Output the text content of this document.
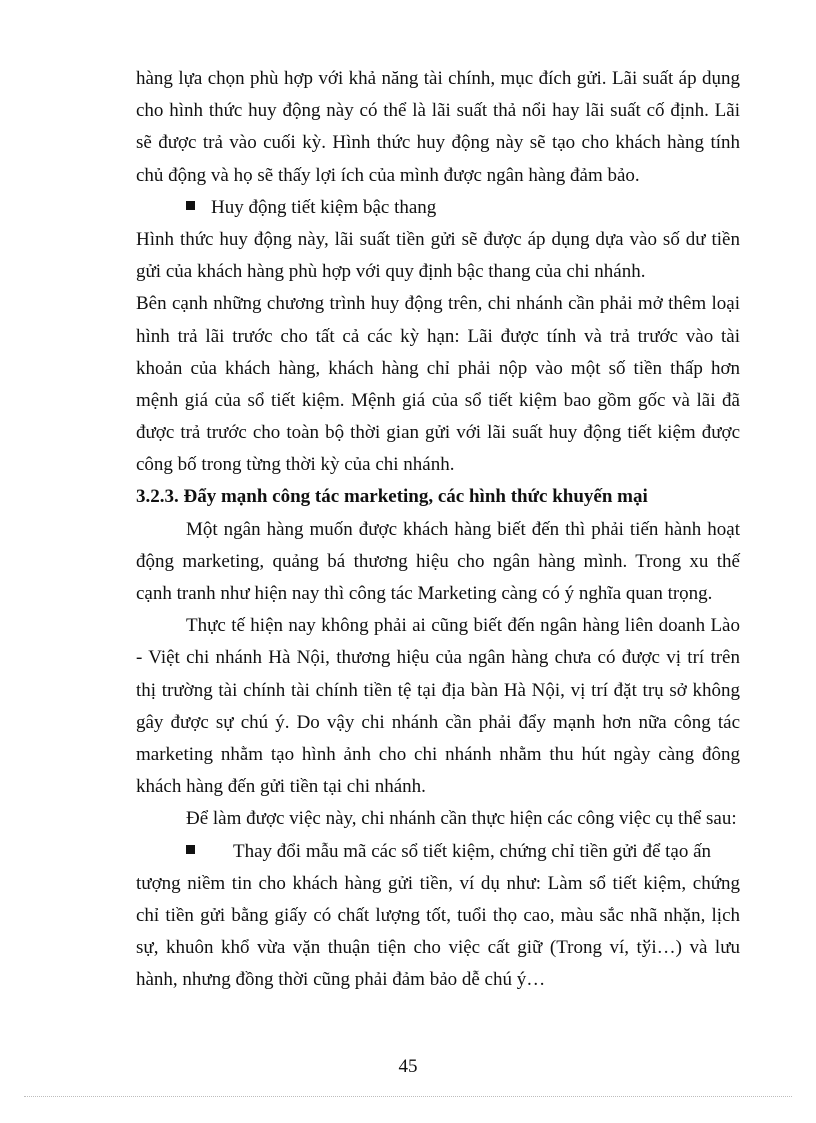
hàng lựa chọn phù hợp với khả năng tài chính, mục đích gửi. Lãi suất áp dụng
cho hình thức huy động này có thể là lãi suất thả nổi hay lãi suất cố định. Lãi
sẽ được trả vào cuối kỳ. Hình thức huy động này sẽ tạo cho khách hàng tính
chủ động và họ sẽ thấy lợi ích của mình được ngân hàng đảm bảo.
Huy động tiết kiệm bậc thang
Hình thức huy động này, lãi suất tiền gửi sẽ được áp dụng dựa vào số dư tiền
gửi của khách hàng phù hợp với quy định bậc thang của chi nhánh.
Bên cạnh những chương trình huy động trên, chi nhánh cần phải mở thêm loại
hình trả lãi trước cho tất cả các kỳ hạn: Lãi được tính và trả trước vào tài
khoản của khách hàng, khách hàng chỉ phải nộp vào một số tiền thấp hơn
mệnh giá của sổ tiết kiệm. Mệnh giá của sổ tiết kiệm bao gồm gốc và lãi đã
được trả trước cho toàn bộ thời gian gửi với lãi suất huy động tiết kiệm được
công bố trong từng thời kỳ của chi nhánh.
3.2.3. Đẩy mạnh công tác marketing, các hình thức khuyến mại
Một ngân hàng muốn được khách hàng biết đến thì phải tiến hành hoạt
động marketing, quảng bá thương hiệu cho ngân hàng mình. Trong xu thế
cạnh tranh như hiện nay thì công tác Marketing càng có ý nghĩa quan trọng.
Thực tế hiện nay không phải ai cũng biết đến ngân hàng liên doanh Lào
- Việt chi nhánh Hà Nội, thương hiệu của ngân hàng chưa có được vị trí trên
thị trường tài chính tài chính tiền tệ tại địa bàn Hà Nội, vị trí đặt trụ sở không
gây được sự chú ý. Do vậy chi nhánh cần phải đẩy mạnh hơn nữa công tác
marketing nhằm tạo hình ảnh cho chi nhánh nhằm thu hút ngày càng đông
khách hàng đến gửi tiền tại chi nhánh.
Để làm được việc này, chi nhánh cần thực hiện các công việc cụ thể sau:
Thay đổi mẫu mã các sổ tiết kiệm, chứng chỉ tiền gửi để tạo ấn
tượng niềm tin cho khách hàng gửi tiền, ví dụ như: Làm sổ tiết kiệm, chứng
chỉ tiền gửi bằng giấy có chất lượng tốt, tuổi thọ cao, màu sắc nhã nhặn, lịch
sự, khuôn khổ vừa vặn thuận tiện cho việc cất giữ (Trong ví, tўi…) và lưu
hành, nhưng đồng thời cũng phải đảm bảo dễ chú ý…
45
